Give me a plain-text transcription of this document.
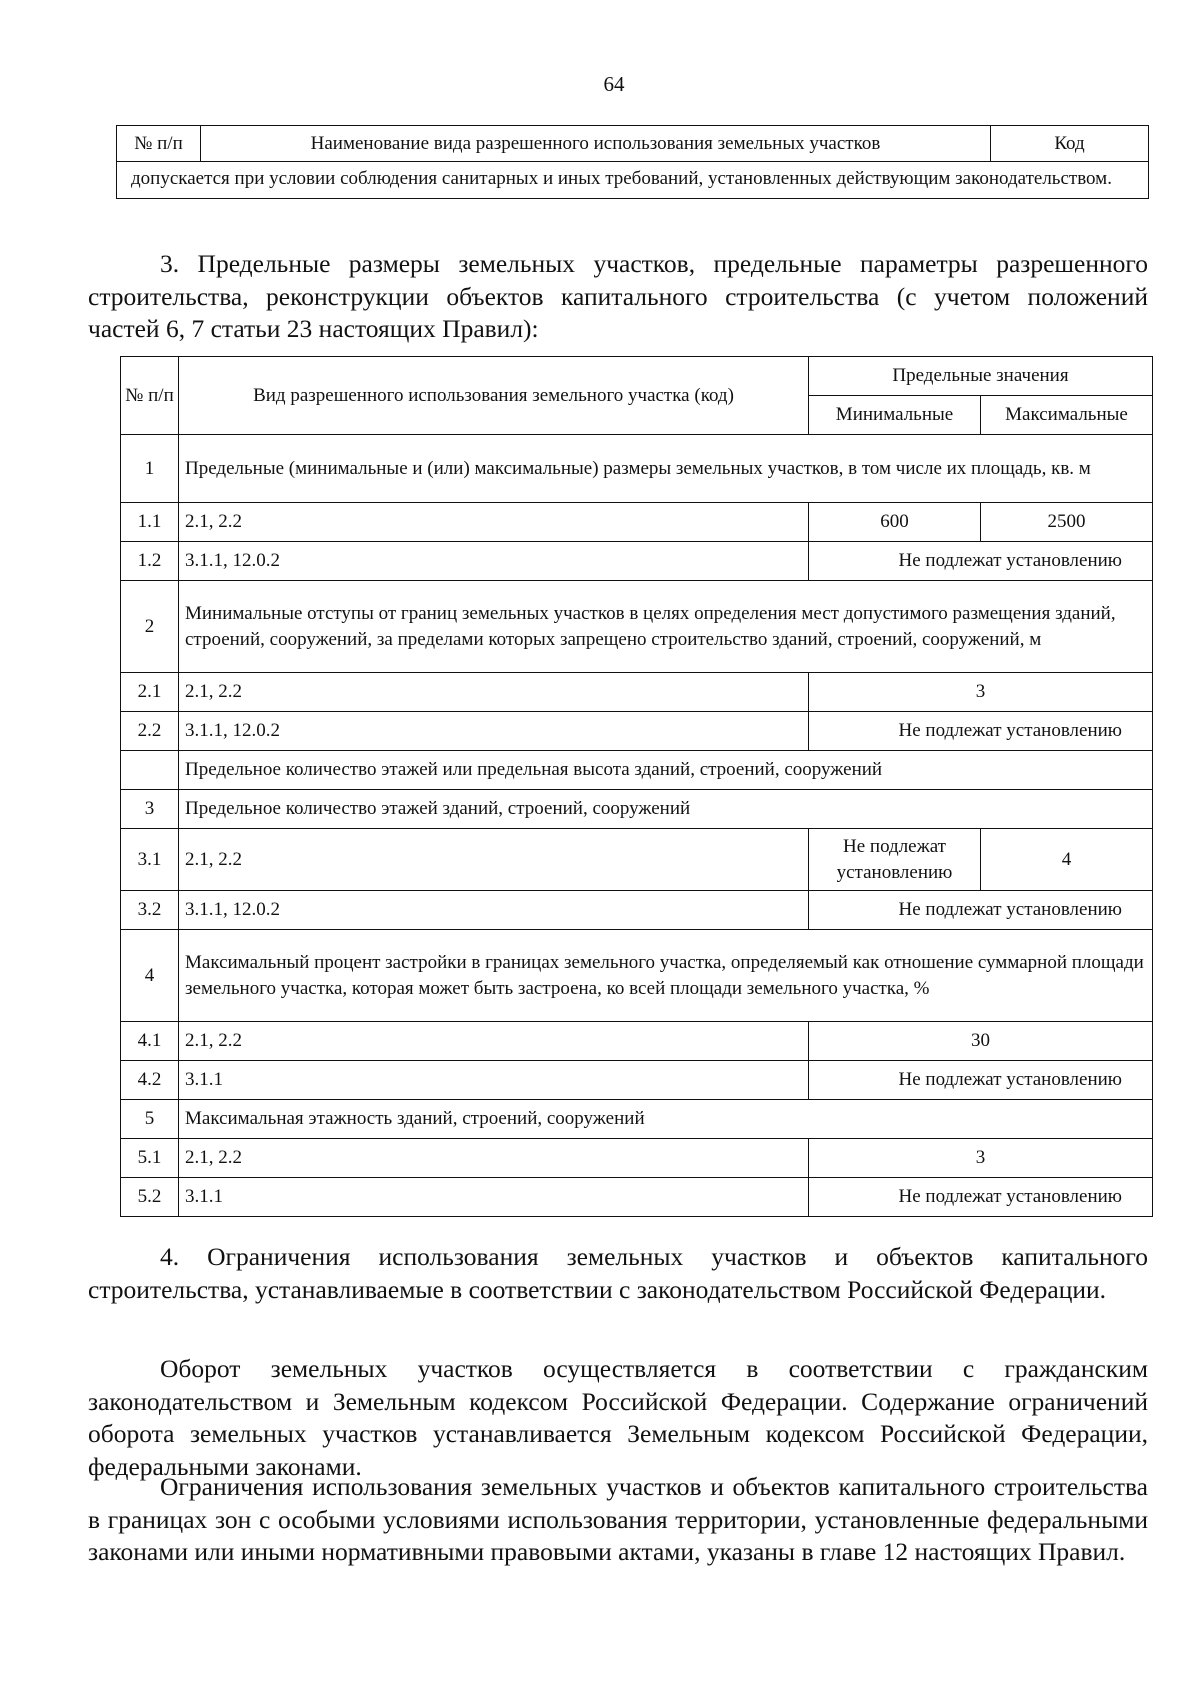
64
№ п/п	Наименование вида разрешенного использования земельных участков	Код
допускается при условии соблюдения санитарных и иных требований, установленных действующим законодательством.

3. Предельные размеры земельных участков, предельные параметры разрешенного строительства, реконструкции объектов капитального строительства (с учетом положений частей 6, 7 статьи 23 настоящих Правил):

№ п/п	Вид разрешенного использования земельного участка (код)	Предельные значения	
		Минимальные	Максимальные
1	Предельные (минимальные и (или) максимальные) размеры земельных участков, в том числе их площадь, кв. м		
1.1	2.1, 2.2	600	2500
1.2	3.1.1, 12.0.2	Не подлежат установлению	
2	Минимальные отступы от границ земельных участков в целях определения мест допустимого размещения зданий, строений, сооружений, за пределами которых запрещено строительство зданий, строений, сооружений, м		
2.1	2.1, 2.2	3	
2.2	3.1.1, 12.0.2	Не подлежат установлению	
	Предельное количество этажей или предельная высота зданий, строений, сооружений		
3	Предельное количество этажей зданий, строений, сооружений		
3.1	2.1, 2.2	Не подлежат установлению	4
3.2	3.1.1, 12.0.2	Не подлежат установлению	
4	Максимальный процент застройки в границах земельного участка, определяемый как отношение суммарной площади земельного участка, которая может быть застроена, ко всей площади земельного участка, %		
4.1	2.1, 2.2	30	
4.2	3.1.1	Не подлежат установлению	
5	Максимальная этажность зданий, строений, сооружений		
5.1	2.1, 2.2	3	
5.2	3.1.1	Не подлежат установлению	

4. Ограничения использования земельных участков и объектов капитального строительства, устанавливаемые в соответствии с законодательством Российской Федерации.

Оборот земельных участков осуществляется в соответствии с гражданским законодательством и Земельным кодексом Российской Федерации. Содержание ограничений оборота земельных участков устанавливается Земельным кодексом Российской Федерации, федеральными законами.

Ограничения использования земельных участков и объектов капитального строительства в границах зон с особыми условиями использования территории, установленные федеральными законами или иными нормативными правовыми актами, указаны в главе 12 настоящих Правил.
